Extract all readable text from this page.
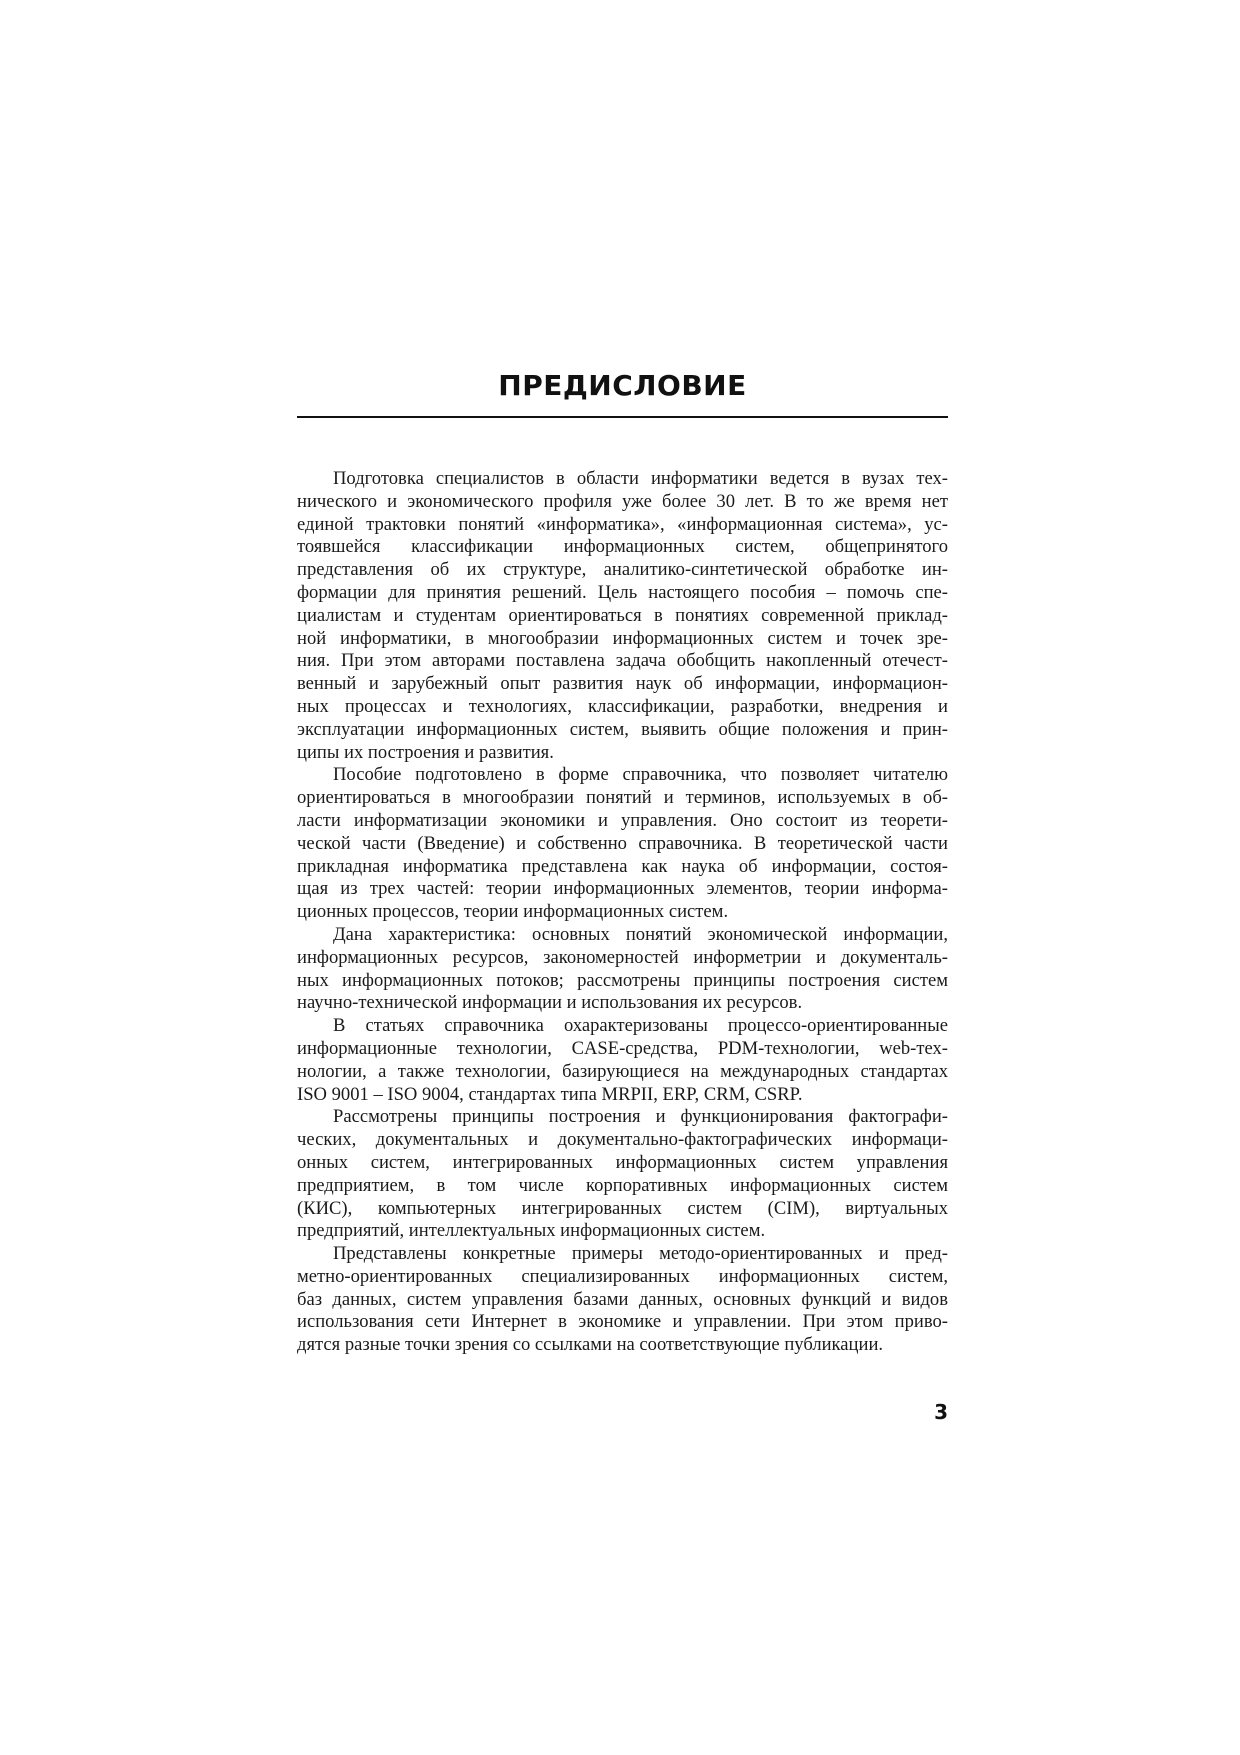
ПРЕДИСЛОВИЕ

Подготовка специалистов в области информатики ведется в вузах тех-
нического и экономического профиля уже более 30 лет. В то же время нет
единой трактовки понятий «информатика», «информационная система», ус-
тоявшейся классификации информационных систем, общепринятого
представления об их структуре, аналитико-синтетической обработке ин-
формации для принятия решений. Цель настоящего пособия – помочь спе-
циалистам и студентам ориентироваться в понятиях современной приклад-
ной информатики, в многообразии информационных систем и точек зре-
ния. При этом авторами поставлена задача обобщить накопленный отечест-
венный и зарубежный опыт развития наук об информации, информацион-
ных процессах и технологиях, классификации, разработки, внедрения и
эксплуатации информационных систем, выявить общие положения и прин-
ципы их построения и развития.

Пособие подготовлено в форме справочника, что позволяет читателю
ориентироваться в многообразии понятий и терминов, используемых в об-
ласти информатизации экономики и управления. Оно состоит из теорети-
ческой части (Введение) и собственно справочника. В теоретической части
прикладная информатика представлена как наука об информации, состоя-
щая из трех частей: теории информационных элементов, теории информа-
ционных процессов, теории информационных систем.

Дана характеристика: основных понятий экономической информации,
информационных ресурсов, закономерностей информетрии и документаль-
ных информационных потоков; рассмотрены принципы построения систем
научно-технической информации и использования их ресурсов.

В статьях справочника охарактеризованы процессо-ориентированные
информационные технологии, CASE-средства, PDM-технологии, web-тех-
нологии, а также технологии, базирующиеся на международных стандартах
ISO 9001 – ISO 9004, стандартах типа MRPII, ERP, CRM, CSRP.

Рассмотрены принципы построения и функционирования фактографи-
ческих, документальных и документально-фактографических информаци-
онных систем, интегрированных информационных систем управления
предприятием, в том числе корпоративных информационных систем
(КИС), компьютерных интегрированных систем (CIM), виртуальных
предприятий, интеллектуальных информационных систем.

Представлены конкретные примеры методо-ориентированных и пред-
метно-ориентированных специализированных информационных систем,
баз данных, систем управления базами данных, основных функций и видов
использования сети Интернет в экономике и управлении. При этом приво-
дятся разные точки зрения со ссылками на соответствующие публикации.

3
